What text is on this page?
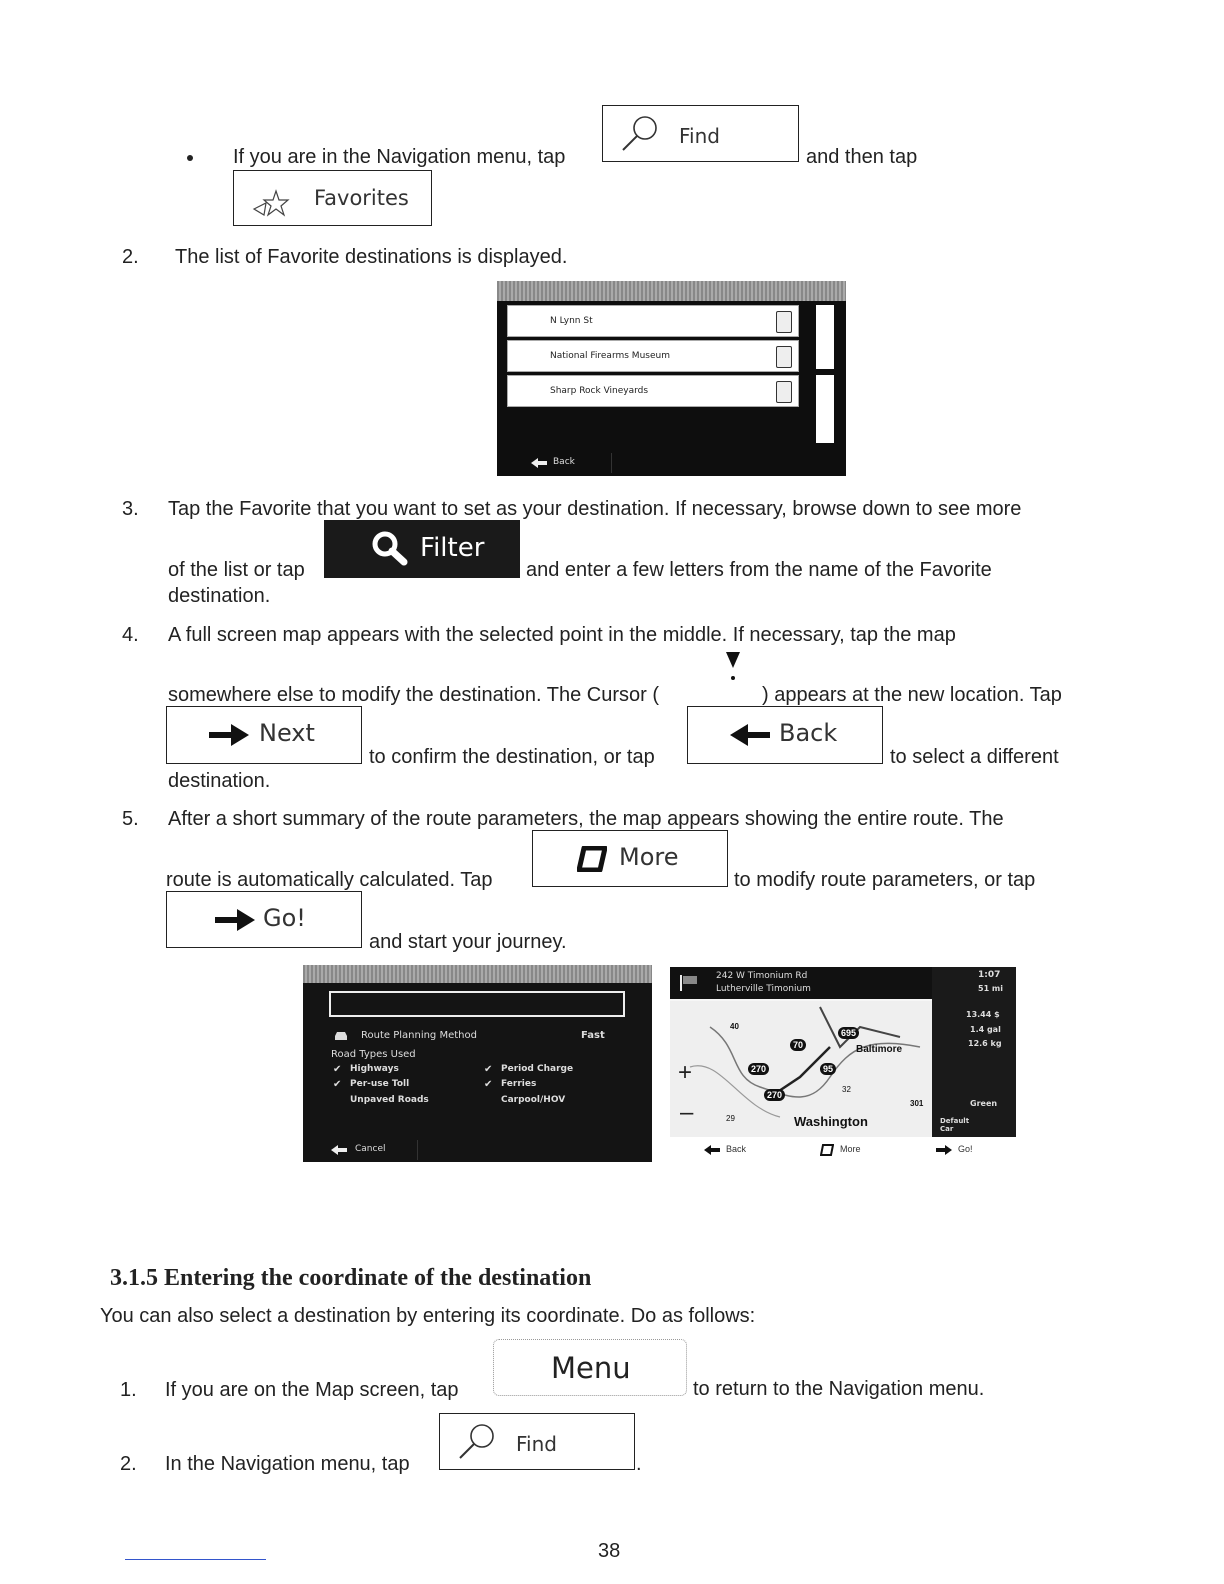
If you are in the Navigation menu, tap
Find
and then tap
Favorites
2. The list of Favorite destinations is displayed.
N Lynn St
National Firearms Museum
Sharp Rock Vineyards
Back
3. Tap the Favorite that you want to set as your destination. If necessary, browse down to see more
of the list or tap
Filter
and enter a few letters from the name of the Favorite
destination.
4. A full screen map appears with the selected point in the middle. If necessary, tap the map
somewhere else to modify the destination. The Cursor (	) appears at the new location. Tap
Next
to confirm the destination, or tap
Back
to select a different
destination.
5. After a short summary of the route parameters, the map appears showing the entire route. The
route is automatically calculated. Tap
More
to modify route parameters, or tap
Go!
and start your journey.
Route Planning Method	Fast
Road Types Used
✔ Highways
✔ Per-use Toll
Unpaved Roads
✔ Period Charge
✔ Ferries
Carpool/HOV
Cancel
242 W Timonium Rd
Lutherville Timonium
1:07
51 mi
13.44 $
1.4 gal
12.6 kg
Green
Default Car
Baltimore
Washington
695
70
270	95
270
40
32
301
29
+
–
Back	More	Go!
3.1.5 Entering the coordinate of the destination
You can also select a destination by entering its coordinate. Do as follows:
1. If you are on the Map screen, tap
Menu
to return to the Navigation menu.
2. In the Navigation menu, tap
Find
.
38
